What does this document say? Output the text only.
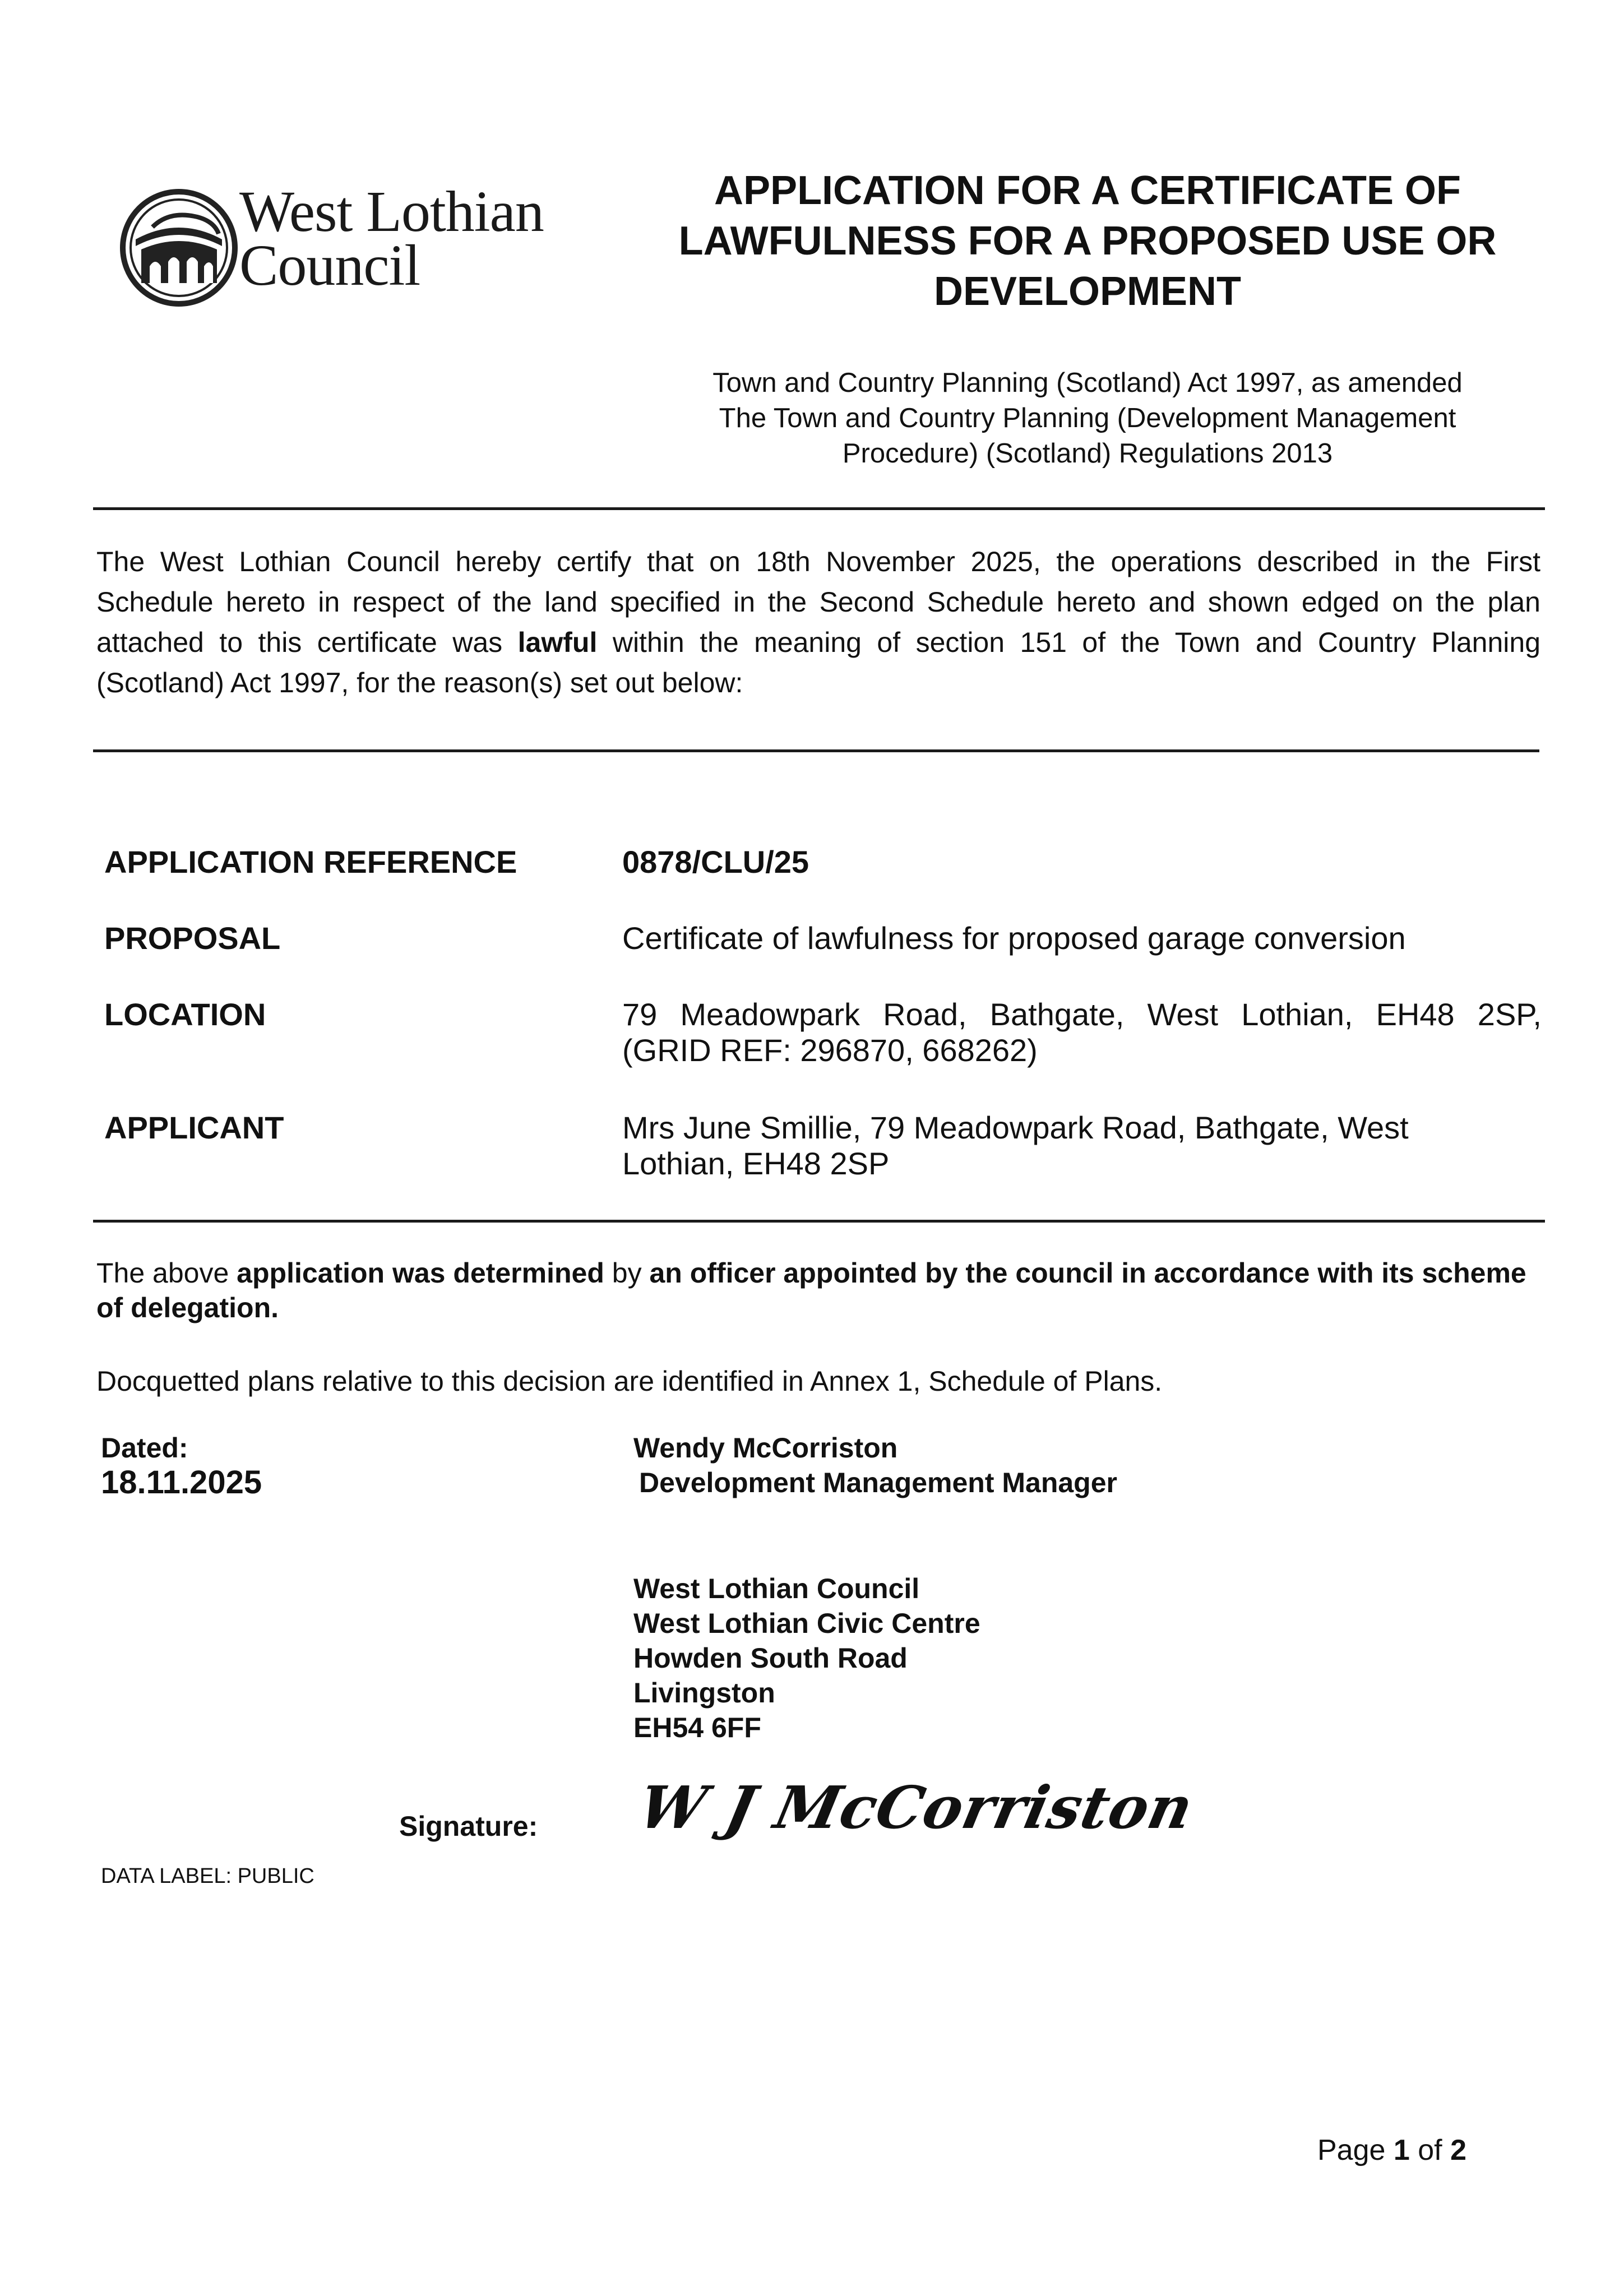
West Lothian
Council
APPLICATION FOR A CERTIFICATE OF
LAWFULNESS FOR A PROPOSED USE OR
DEVELOPMENT
Town and Country Planning (Scotland) Act 1997, as amended
The Town and Country Planning (Development Management
Procedure) (Scotland) Regulations 2013
The West Lothian Council hereby certify that on 18th November 2025, the operations described in the First Schedule hereto in respect of the land specified in the Second Schedule hereto and shown edged on the plan attached to this certificate was lawful within the meaning of section 151 of the Town and Country Planning (Scotland) Act 1997, for the reason(s) set out below:
APPLICATION REFERENCE	0878/CLU/25
PROPOSAL	Certificate of lawfulness for proposed garage conversion
LOCATION	79 Meadowpark Road, Bathgate, West Lothian, EH48 2SP,
(GRID REF: 296870, 668262)
APPLICANT	Mrs June Smillie, 79 Meadowpark Road, Bathgate, West
Lothian, EH48 2SP
The above application was determined by an officer appointed by the council in accordance with its scheme of delegation.
Docquetted plans relative to this decision are identified in Annex 1, Schedule of Plans.
Dated:
18.11.2025
Wendy McCorriston
Development Management Manager
West Lothian Council
West Lothian Civic Centre
Howden South Road
Livingston
EH54 6FF
Signature: W J McCorriston
DATA LABEL: PUBLIC
Page 1 of 2
